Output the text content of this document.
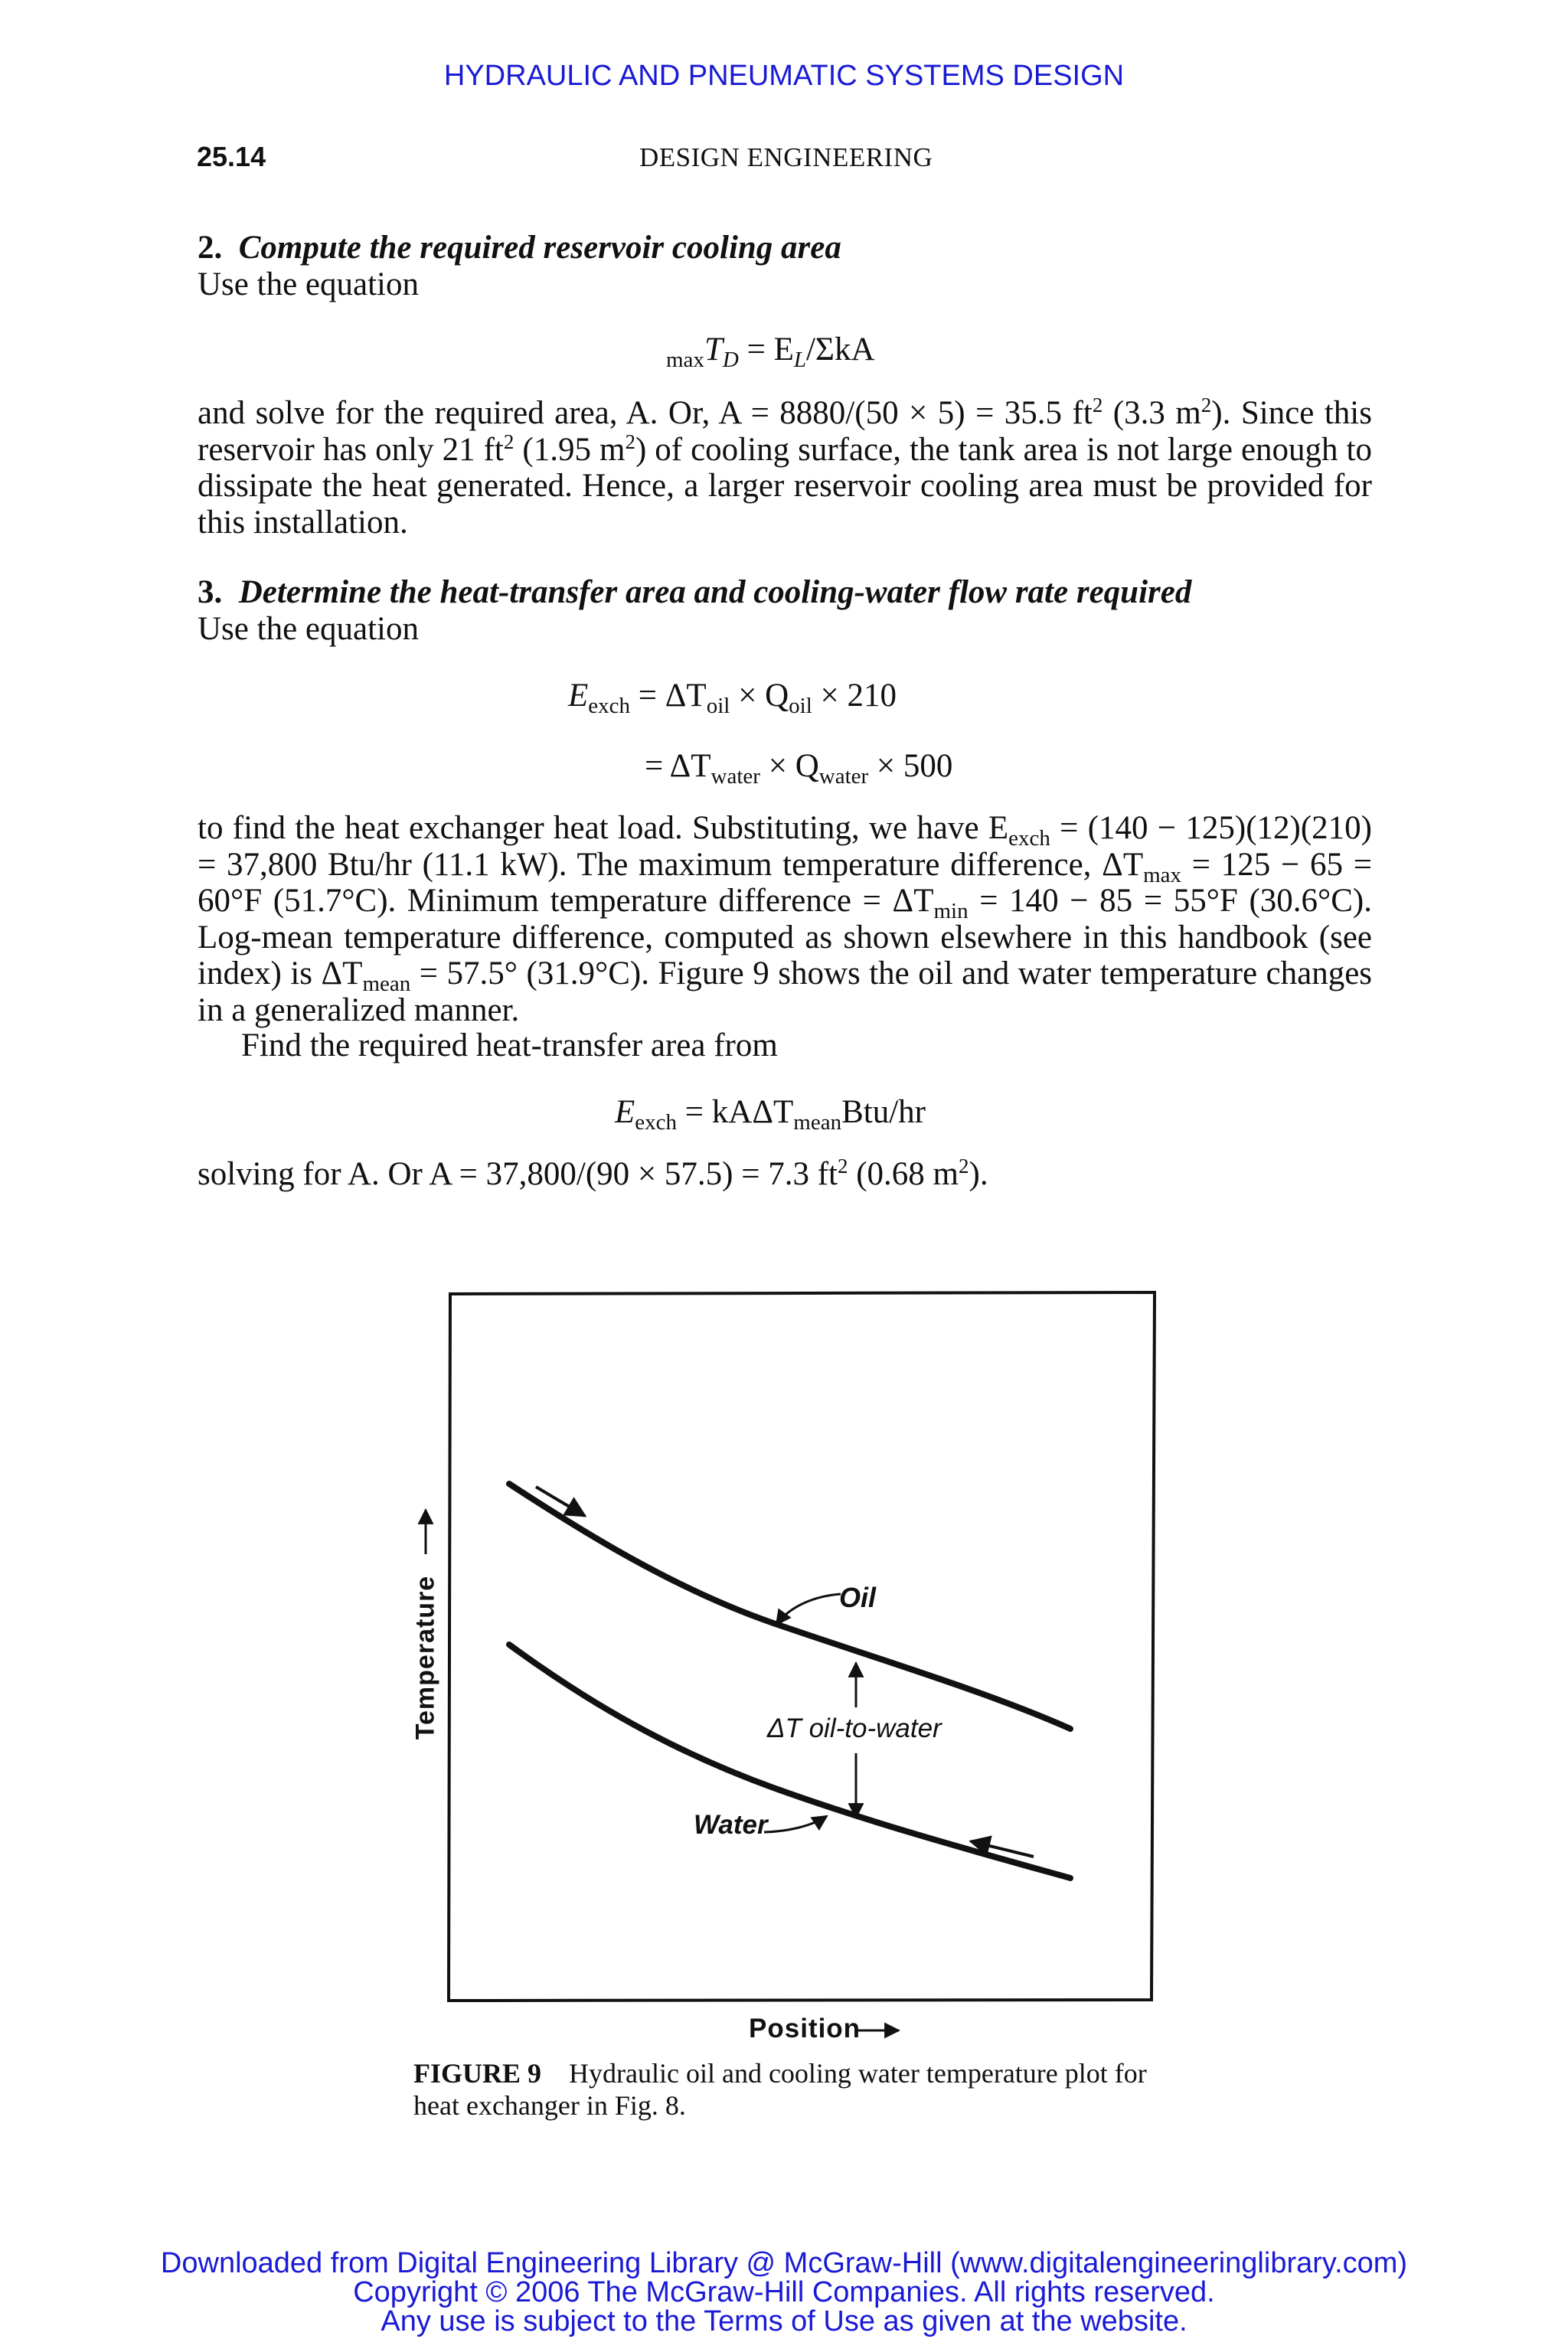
HYDRAULIC AND PNEUMATIC SYSTEMS DESIGN
25.14	DESIGN ENGINEERING
2. Compute the required reservoir cooling area
Use the equation
$_{max}T_D = E_L/\Sigma kA$

and solve for the required area, A. Or, A = 8880/(50 × 5) = 35.5 $ft^2$ (3.3 $m^2$). Since this reservoir has only 21 $ft^2$ (1.95 $m^2$) of cooling surface, the tank area is not large enough to dissipate the heat generated. Hence, a larger reservoir cooling area must be provided for this installation.

3. Determine the heat-transfer area and cooling-water flow rate required
Use the equation
$E_{exch} = \Delta T_{oil} \times Q_{oil} \times 210$
= $\Delta T_{water} \times Q_{water} \times 500$

to find the heat exchanger heat load. Substituting, we have $E_{exch} = (140 - 125)(12)(210) = 37,800$ Btu/hr (11.1 kW). The maximum temperature difference, $\Delta T_{max} = 125 - 65 = 60^\circ F$ (51.7°C). Minimum temperature difference = $\Delta T_{min} = 140 - 85 = 55^\circ F$ (30.6°C). Log-mean temperature difference, computed as shown elsewhere in this handbook (see index) is $\Delta T_{mean} = 57.5^\circ$ (31.9°C). Figure 9 shows the oil and water temperature changes in a generalized manner.

Find the required heat-transfer area from
$E_{exch} = kA\Delta T_{mean}Btu/hr$
solving for A. Or A = 37,800/(90 × 57.5) = 7.3 $ft^2$ (0.68 $m^2$).
Oil
ΔT oil-to-water
Water
Temperature
Position
FIGURE 9 Hydraulic oil and cooling water temperature plot for heat exchanger in Fig. 8.
Downloaded from Digital Engineering Library @ McGraw-Hill (www.digitalengineeringlibrary.com)
Copyright © 2006 The McGraw-Hill Companies. All rights reserved.
Any use is subject to the Terms of Use as given at the website.
